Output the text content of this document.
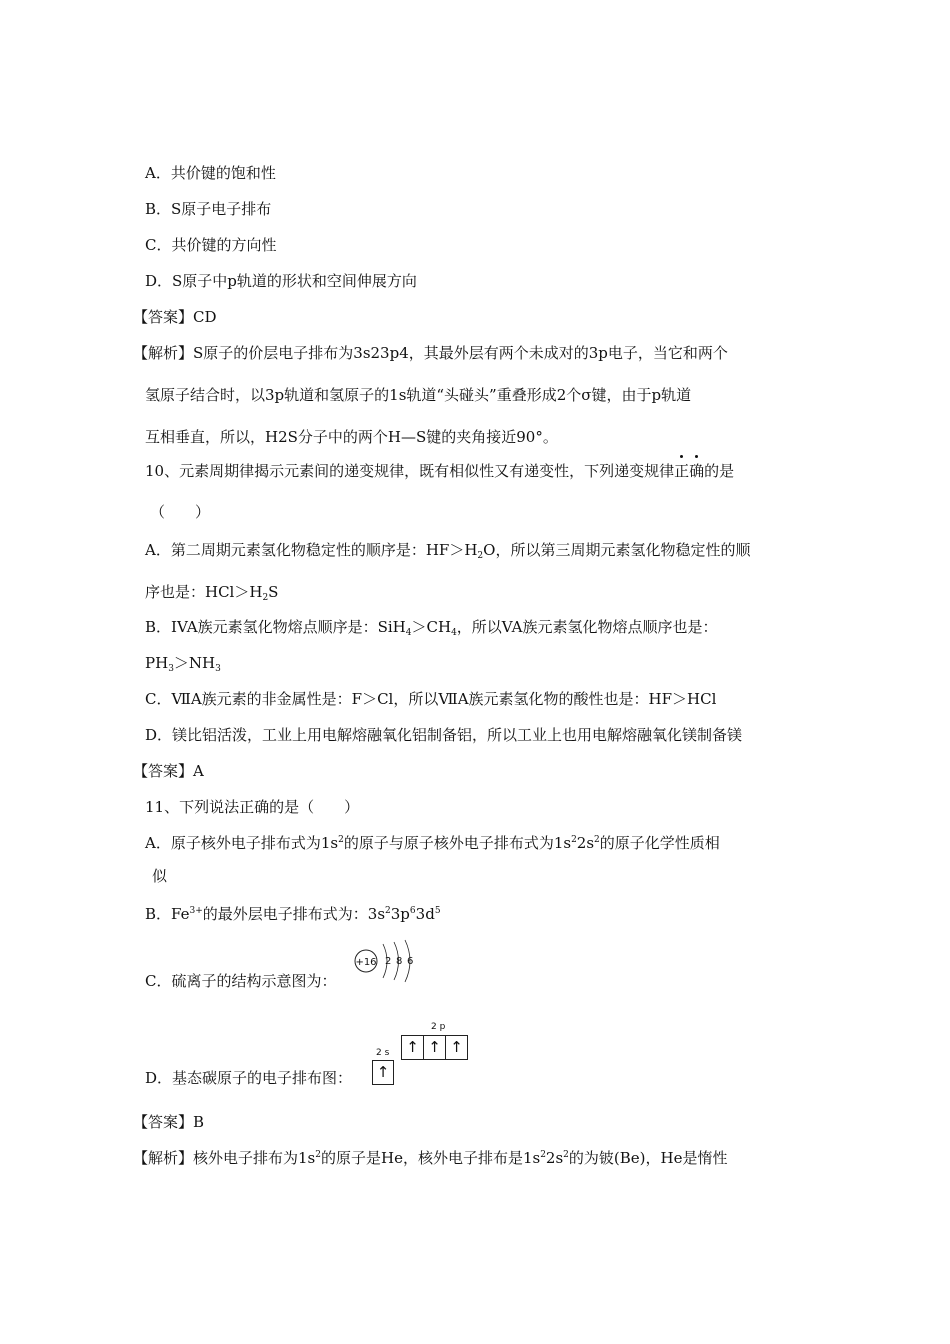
A．共价键的饱和性
B．S原子电子排布
C．共价键的方向性
D．S原子中p轨道的形状和空间伸展方向
【答案】CD
【解析】S原子的价层电子排布为3s23p4，其最外层有两个未成对的3p电子，当它和两个
氢原子结合时，以3p轨道和氢原子的1s轨道“头碰头”重叠形成2个σ键，由于p轨道
互相垂直，所以，H2S分子中的两个H—S键的夹角接近90°。
10、元素周期律揭示元素间的递变规律，既有相似性又有递变性，下列递变规律正确的是
（　　）
A．第二周期元素氢化物稳定性的顺序是：$HF>H_2O$，所以第三周期元素氢化物稳定性的顺
序也是：$HCl>H_2S$
B．IVA族元素氢化物熔点顺序是：$SiH_4>CH_4$，所以VA族元素氢化物熔点顺序也是：
$PH_3>NH_3$
C．ⅦA族元素的非金属性是：F＞Cl，所以ⅦA族元素氢化物的酸性也是：HF＞HCl
D．镁比铝活泼，工业上用电解熔融氧化铝制备铝，所以工业上也用电解熔融氧化镁制备镁
【答案】A
11、下列说法正确的是（　　）
A．原子核外电子排布式为$1s^2$的原子与原子核外电子排布式为$1s^22s^2$的原子化学性质相
似
B．$Fe^{3+}$的最外层电子排布式为：$3s^23p^63d^5$
C．硫离子的结构示意图为：
+16 2 8 6
D．基态碳原子的电子排布图：
2 s
↑
2 p
↑ ↑ ↑
【答案】B
【解析】核外电子排布为$1s^2$的原子是He，核外电子排布是$1s^22s^2$的为铍(Be)，He是惰性
